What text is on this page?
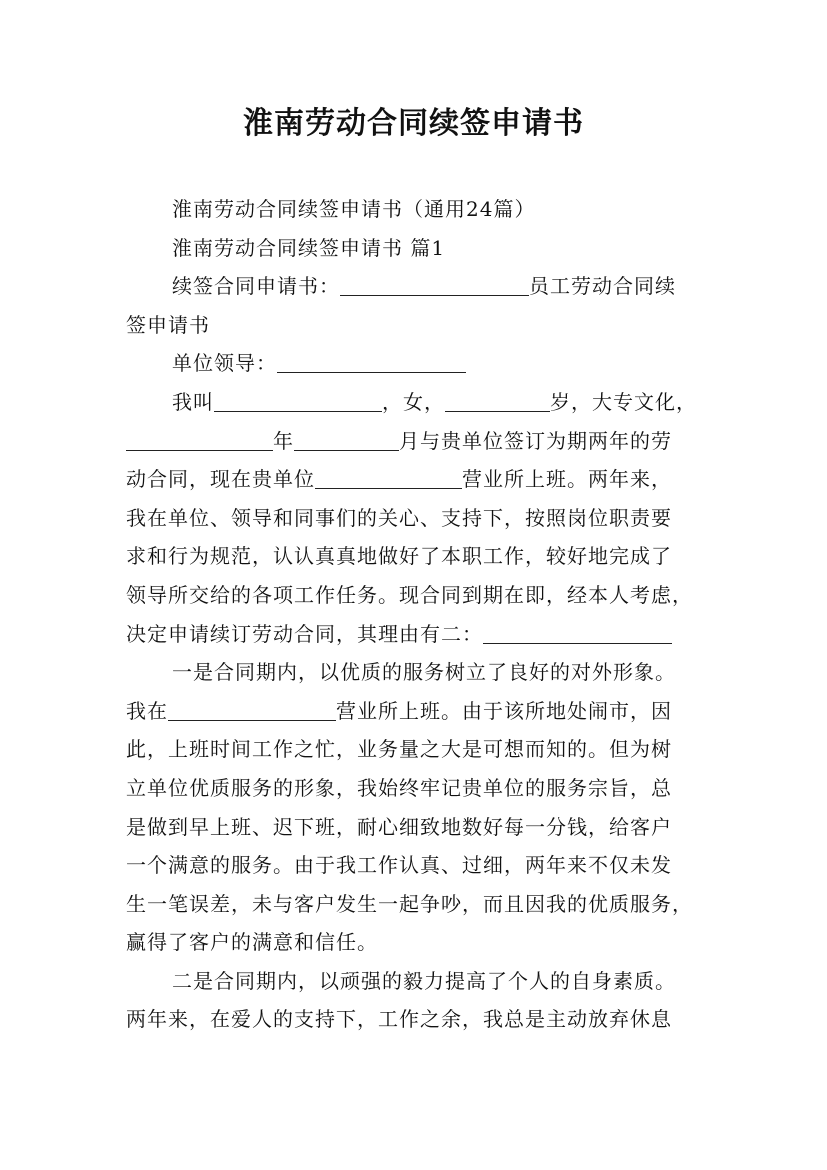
淮南劳动合同续签申请书
淮南劳动合同续签申请书（通用24篇）
淮南劳动合同续签申请书 篇1
续签合同申请书：	员工劳动合同续
签申请书
单位领导：
我叫	，女，	岁，大专文化，
年	月与贵单位签订为期两年的劳
动合同，现在贵单位	营业所上班。两年来，
我在单位、领导和同事们的关心、支持下，按照岗位职责要
求和行为规范，认认真真地做好了本职工作，较好地完成了
领导所交给的各项工作任务。现合同到期在即，经本人考虑，
决定申请续订劳动合同，其理由有二：
一是合同期内，以优质的服务树立了良好的对外形象。
我在	营业所上班。由于该所地处闹市，因
此，上班时间工作之忙，业务量之大是可想而知的。但为树
立单位优质服务的形象，我始终牢记贵单位的服务宗旨，总
是做到早上班、迟下班，耐心细致地数好每一分钱，给客户
一个满意的服务。由于我工作认真、过细，两年来不仅未发
生一笔误差，未与客户发生一起争吵，而且因我的优质服务，
赢得了客户的满意和信任。
二是合同期内，以顽强的毅力提高了个人的自身素质。
两年来，在爱人的支持下，工作之余，我总是主动放弃休息
